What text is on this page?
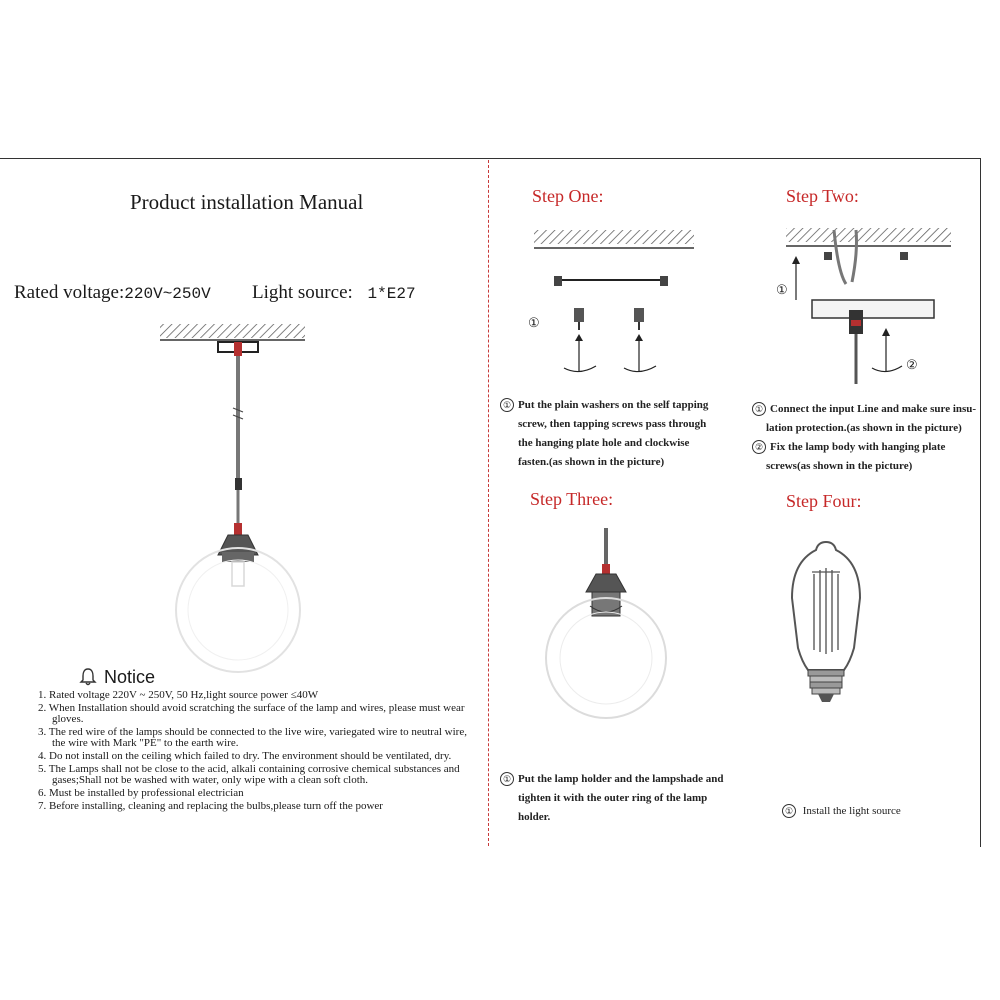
Product installation Manual
Rated voltage:220V~250V Light source: 1*E27
Notice
1. Rated voltage 220V ~ 250V, 50 Hz,light source power ≤40W
2. When Installation should avoid scratching the surface of the lamp and wires, please must wear gloves.
3. The red wire of the lamps should be connected to the live wire, variegated wire to neutral wire, the wire with Mark "PE" to the earth wire.
4. Do not install on the ceiling which failed to dry. The environment should be ventilated, dry.
5. The Lamps shall not be close to the acid, alkali containing corrosive chemical substances and gases;Shall not be washed with water, only wipe with a clean soft cloth.
6. Must be installed by professional electrician
7. Before installing, cleaning and replacing the bulbs,please turn off the power
Step One:
①
① Put the plain washers on the self tapping
screw, then tapping screws pass through
the hanging plate hole and clockwise
fasten.(as shown in the picture)
Step Two:
①
②
① Connect the input Line and make sure insu-
lation protection.(as shown in the picture)
② Fix the lamp body with hanging plate
screws(as shown in the picture)
Step Three:
① Put the lamp holder and the lampshade and
tighten it with the outer ring of the lamp
holder.
Step Four:
① Install the light source
